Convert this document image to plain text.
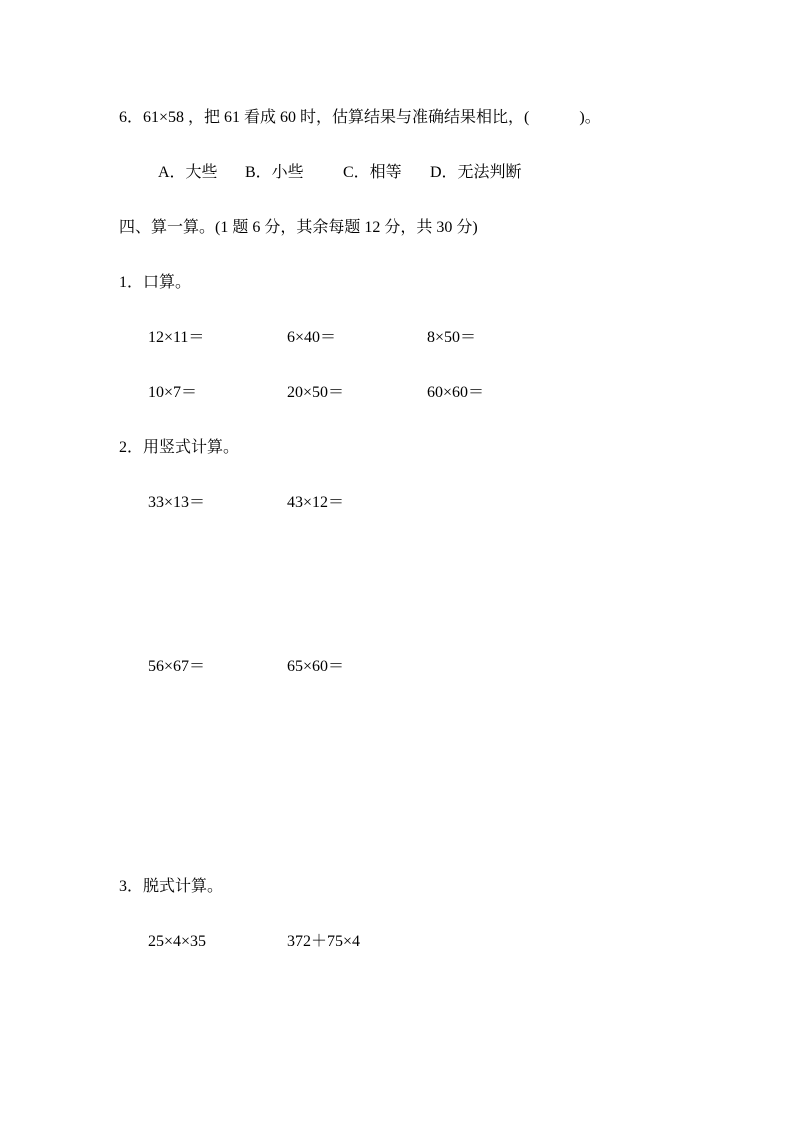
6．61×58 ，把 61 看成 60 时，估算结果与准确结果相比，(	)。
A．大些 B．小些 C．相等 D．无法判断
四、算一算。(1 题 6 分，其余每题 12 分，共 30 分)
1．口算。
12×11＝	6×40＝	8×50＝
10×7＝	20×50＝	60×60＝
2．用竖式计算。
33×13＝	43×12＝
56×67＝	65×60＝
3．脱式计算。
25×4×35	372＋75×4
